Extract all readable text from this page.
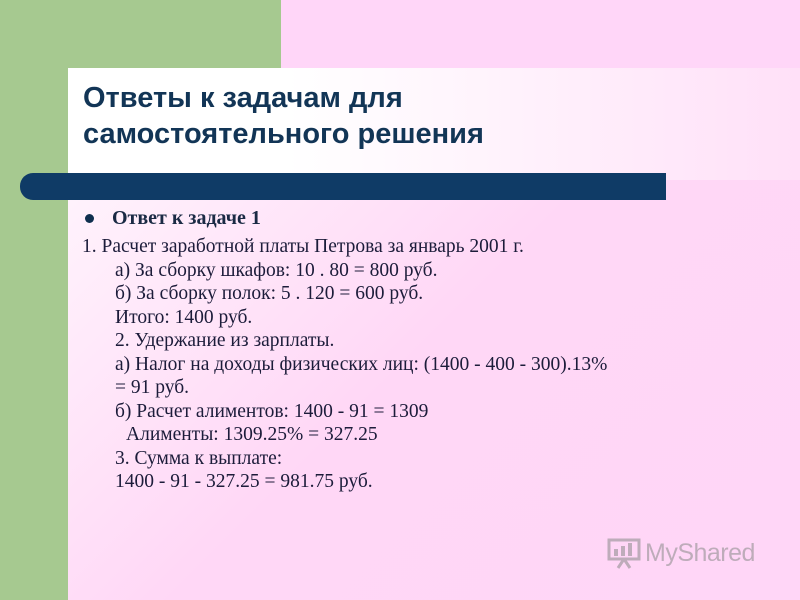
Ответы к задачам для
самостоятельного решения
Ответ к задаче 1
1. Расчет заработной платы Петрова за январь 2001 г.
а) За сборку шкафов: 10 . 80 = 800 руб.
б) За сборку полок: 5 . 120 = 600 руб.
Итого: 1400 руб.
2. Удержание из зарплаты.
а) Налог на доходы физических лиц: (1400 - 400 - 300).13%
= 91 руб.
б) Расчет алиментов: 1400 - 91 = 1309
Алименты: 1309.25% = 327.25
3. Сумма к выплате:
1400 - 91 - 327.25 = 981.75 руб.
MyShared
